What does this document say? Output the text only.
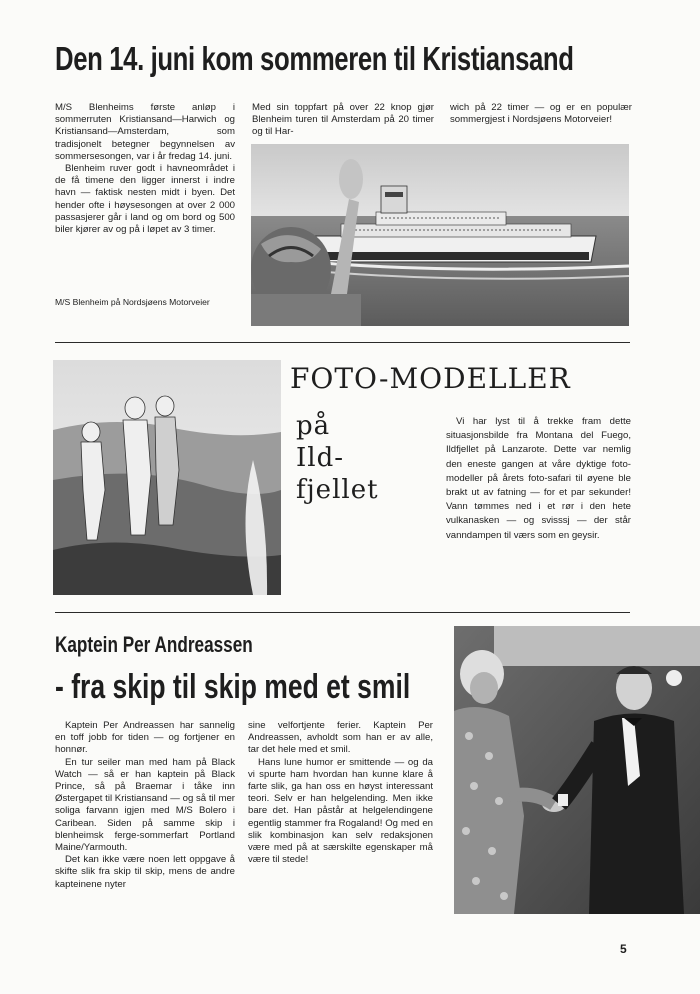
Den 14. juni kom sommeren til Kristiansand

M/S Blenheims første anløp i sommerruten Kristiansand—Harwich og Kristiansand—Amsterdam, som tradisjonelt betegner begynnelsen av sommersesongen, var i år fredag 14. juni.

Blenheim ruver godt i havneområdet i de få timene den ligger innerst i indre havn — faktisk nesten midt i byen. Det hender ofte i høysesongen at over 2 000 passasjerer går i land og om bord og 500 biler kjører av og på i løpet av 3 timer.

M/S Blenheim på Nordsjøens Motorveier

Med sin toppfart på over 22 knop gjør Blenheim turen til Amsterdam på 20 timer og til Har-

wich på 22 timer — og er en populær sommergjest i Nordsjøens Motorveier!

FOTO-MODELLER
på
Ild-
fjellet

Vi har lyst til å trekke fram dette situasjonsbilde fra Montana del Fuego, Ildfjellet på Lanzarote. Dette var nemlig den eneste gangen at våre dyktige foto-modeller på årets foto-safari til øyene ble brakt ut av fatning — for et par sekunder! Vann tømmes ned i et rør i den hete vulkanasken — og svisssj — der står vanndampen til værs som en geysir.

Kaptein Per Andreassen
- fra skip til skip med et smil

Kaptein Per Andreassen har sannelig en toff jobb for tiden — og fortjener en honnør.

En tur seiler man med ham på Black Watch — så er han kaptein på Black Prince, så på Braemar i tåke inn Østergapet til Kristiansand — og så til mer soliga farvann igjen med M/S Bolero i Caribean. Siden på samme skip i blenheimsk ferge-sommerfart Portland Maine/Yarmouth.

Det kan ikke være noen lett oppgave å skifte slik fra skip til skip, mens de andre kapteinene nyter

sine velfortjente ferier. Kaptein Per Andreassen, avholdt som han er av alle, tar det hele med et smil.

Hans lune humor er smittende — og da vi spurte ham hvordan han kunne klare å farte slik, ga han oss en høyst interessant teori. Selv er han helgelending. Men ikke bare det. Han påstår at helgelendingene egentlig stammer fra Rogaland! Og med en slik kombinasjon kan selv redaksjonen være med på at særskilte egenskaper må være til stede!

5
